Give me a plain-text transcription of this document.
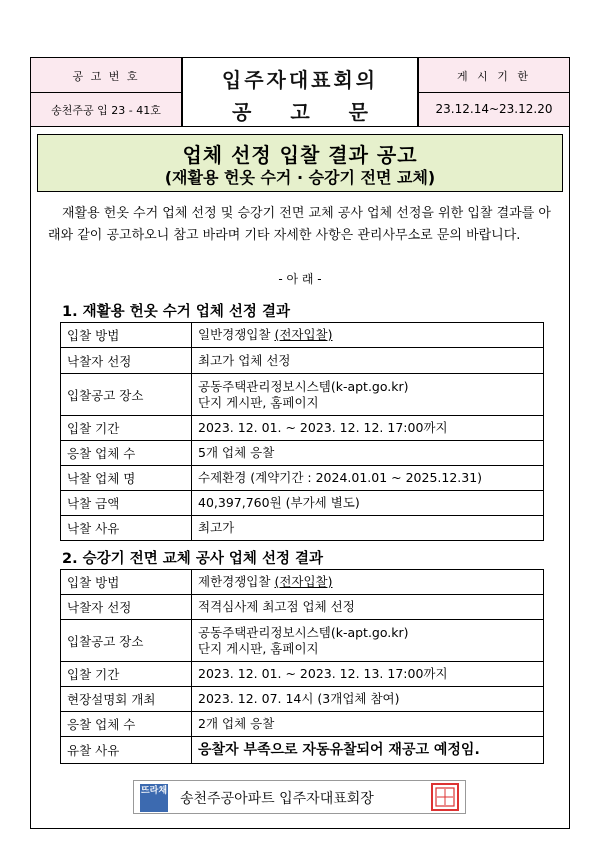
공 고 번 호
송천주공 입 23 - 41호
입주자대표회의
공 고 문
게 시 기 한
23.12.14~23.12.20
업체 선정 입찰 결과 공고
(재활용 헌옷 수거 · 승강기 전면 교체)
재활용 헌옷 수거 업체 선정 및 승강기 전면 교체 공사 업체 선정을 위한 입찰 결과를 아래와 같이 공고하오니 참고 바라며 기타 자세한 사항은 관리사무소로 문의 바랍니다.
- 아 래 -
1. 재활용 헌옷 수거 업체 선정 결과
입찰 방법	일반경쟁입찰 (전자입찰)
낙찰자 선정	최고가 업체 선정
입찰공고 장소	공동주택관리정보시스템(k-apt.go.kr)
단지 게시판, 홈페이지

입찰 기간	2023. 12. 01. ~ 2023. 12. 12. 17:00까지
응찰 업체 수	5개 업체 응찰
낙찰 업체 명	수제환경 (계약기간 : 2024.01.01 ~ 2025.12.31)
낙찰 금액	40,397,760원 (부가세 별도)
낙찰 사유	최고가
2. 승강기 전면 교체 공사 업체 선정 결과
입찰 방법	제한경쟁입찰 (전자입찰)
낙찰자 선정	적격심사제 최고점 업체 선정
입찰공고 장소	공동주택관리정보시스템(k-apt.go.kr)
단지 게시판, 홈페이지

입찰 기간	2023. 12. 01. ~ 2023. 12. 13. 17:00까지
현장설명회 개최	2023. 12. 07. 14시 (3개업체 참여)
응찰 업체 수	2개 업체 응찰
유찰 사유	응찰자 부족으로 자동유찰되어 재공고 예정임.
뜨라채 송천주공아파트 입주자대표회장
